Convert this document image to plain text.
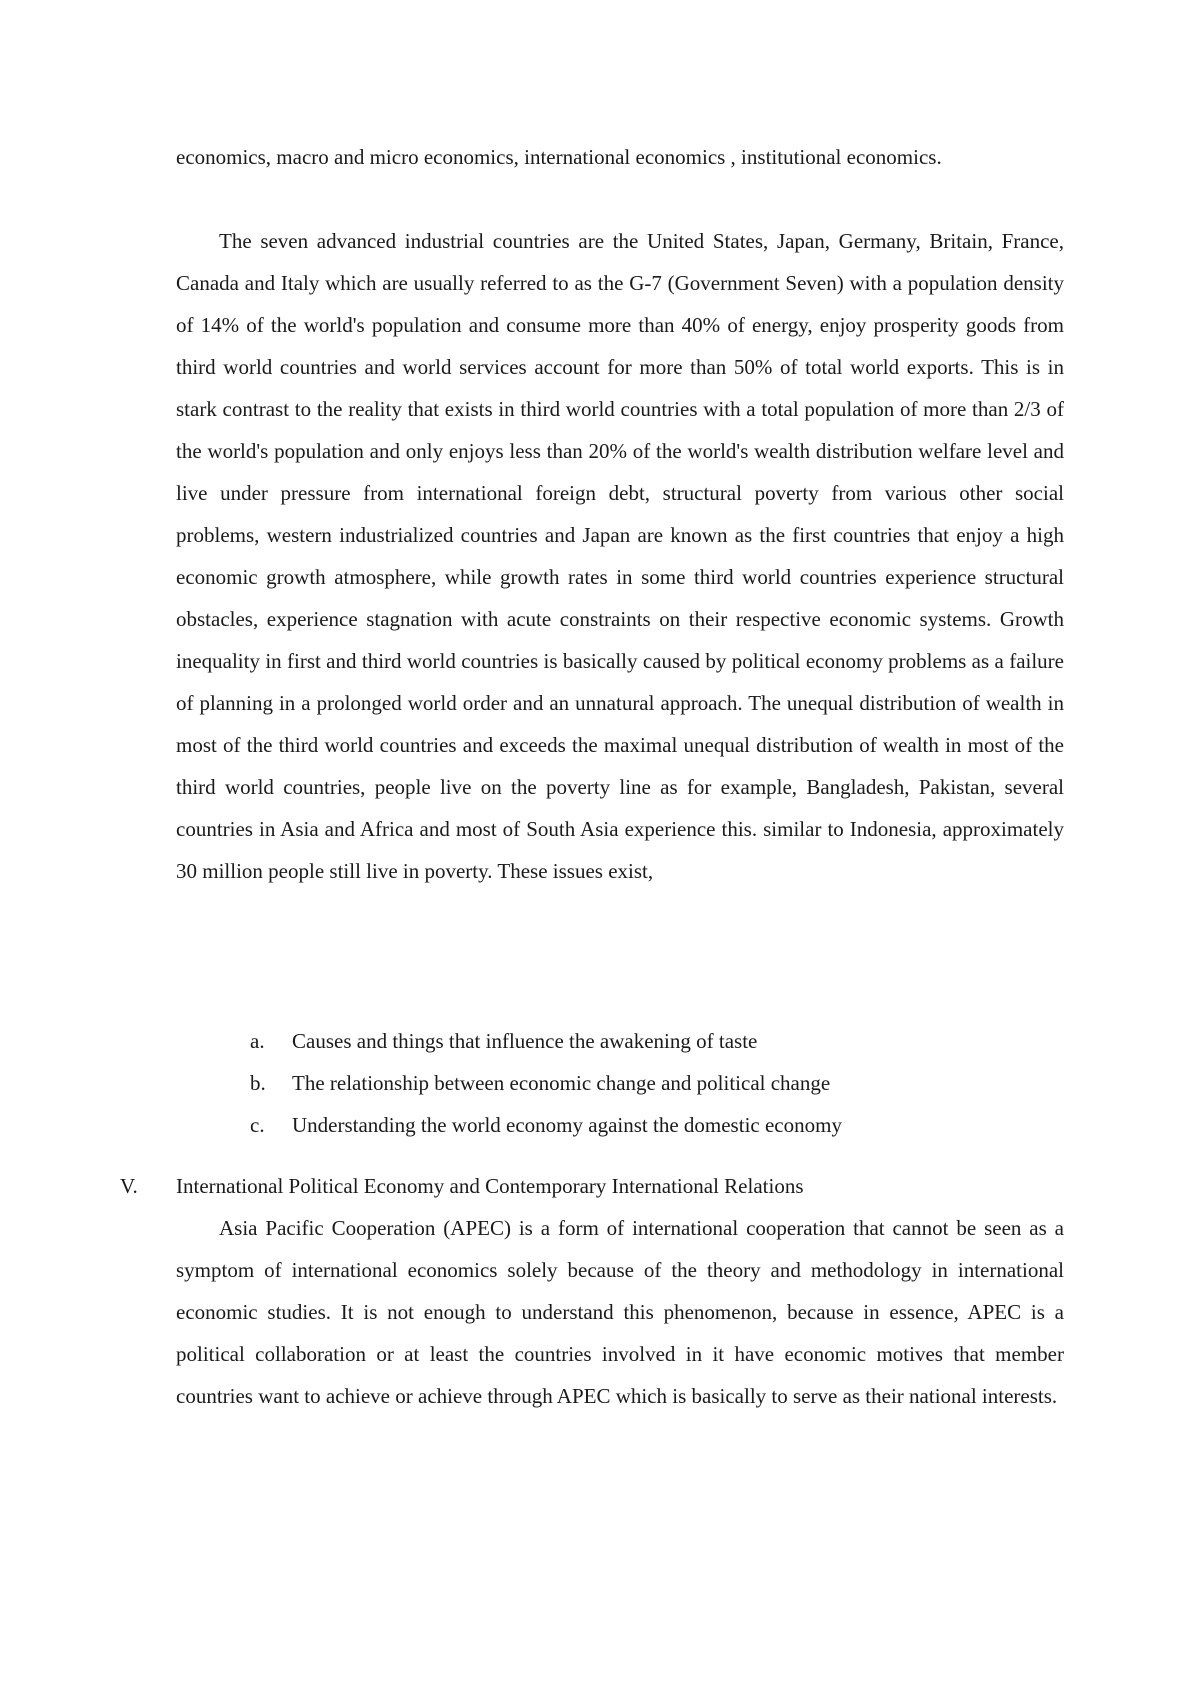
economics, macro and micro economics, international economics , institutional economics.

The seven advanced industrial countries are the United States, Japan, Germany, Britain, France, Canada and Italy which are usually referred to as the G-7 (Government Seven) with a population density of 14% of the world's population and consume more than 40% of energy, enjoy prosperity goods from third world countries and world services account for more than 50% of total world exports. This is in stark contrast to the reality that exists in third world countries with a total population of more than 2/3 of the world's population and only enjoys less than 20% of the world's wealth distribution welfare level and live under pressure from international foreign debt, structural poverty from various other social problems, western industrialized countries and Japan are known as the first countries that enjoy a high economic growth atmosphere, while growth rates in some third world countries experience structural obstacles, experience stagnation with acute constraints on their respective economic systems. Growth inequality in first and third world countries is basically caused by political economy problems as a failure of planning in a prolonged world order and an unnatural approach. The unequal distribution of wealth in most of the third world countries and exceeds the maximal unequal distribution of wealth in most of the third world countries, people live on the poverty line as for example, Bangladesh, Pakistan, several countries in Asia and Africa and most of South Asia experience this. similar to Indonesia, approximately 30 million people still live in poverty. These issues exist,

a.	Causes and things that influence the awakening of taste
b.	The relationship between economic change and political change
c.	Understanding the world economy against the domestic economy
V.	International Political Economy and Contemporary International Relations

Asia Pacific Cooperation (APEC) is a form of international cooperation that cannot be seen as a symptom of international economics solely because of the theory and methodology in international economic studies. It is not enough to understand this phenomenon, because in essence, APEC is a political collaboration or at least the countries involved in it have economic motives that member countries want to achieve or achieve through APEC which is basically to serve as their national interests.
